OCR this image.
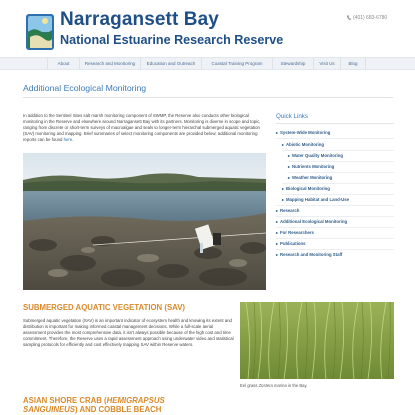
Narragansett Bay
National Estuarine Research Reserve
(401) 683-6780
About	Research and Monitoring	Education and Outreach	Coastal Training Program	Stewardship	Visit Us	Blog
Additional Ecological Monitoring

In addition to the Sentinel Sites salt marsh monitoring component of SWMP, the Reserve also conducts other biological monitoring in the Reserve and elsewhere around Narragansett Bay with its partners. Monitoring is diverse in scope and topic, ranging from discrete or short-term surveys of macroalgae and seals to longer-term hierarchal submerged aquatic vegetation (SAV) monitoring and mapping. Brief summaries of select monitoring components are provided below; additional monitoring reports can be found here.

SUBMERGED AQUATIC VEGETATION (SAV)

Submerged aquatic vegetation (SAV) is an important indicator of ecosystem health and knowing its extent and distribution is important for making informed coastal management decisions. While a full-scale aerial assessment provides the most comprehensive data, it isn't always possible because of the high cost and time commitment. Therefore, the Reserve uses a rapid assessment approach using underwater video and statistical sampling protocols for efficiently and cost effectively mapping SAV within Reserve waters.

Eel grass Zostera marina in the Bay.
ASIAN SHORE CRAB (HEMIGRAPSUS
SANGUINEUS) AND COBBLE BEACH
Quick Links
▸ System-Wide Monitoring
▸ Abiotic Monitoring
▸ Water Quality Monitoring
▸ Nutrients Monitoring
▸ Weather Monitoring
▸ Biological Monitoring
▸ Mapping Habitat and Land-Use
▸ Research
▸ Additional Ecological Monitoring
▸ For Researchers
▸ Publications
▸ Research and Monitoring Staff
